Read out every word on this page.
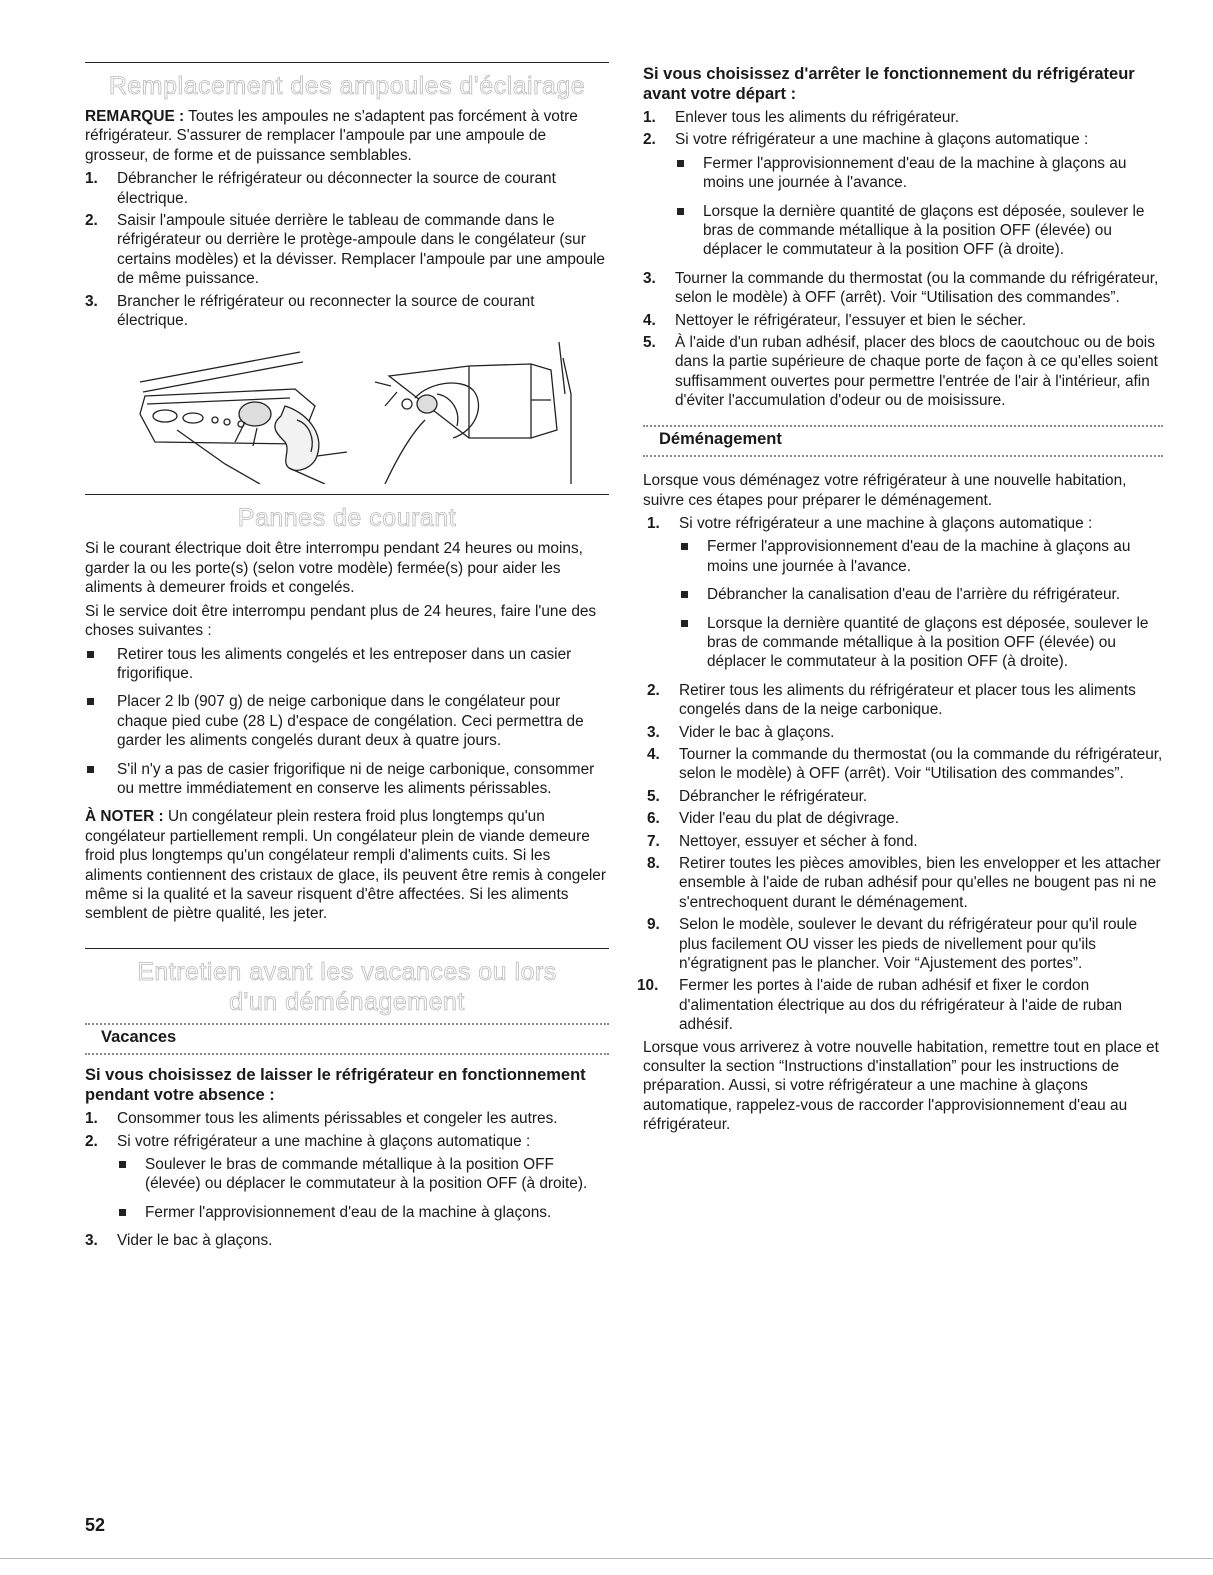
Remplacement des ampoules d'éclairage

REMARQUE : Toutes les ampoules ne s'adaptent pas forcément à votre réfrigérateur. S'assurer de remplacer l'ampoule par une ampoule de grosseur, de forme et de puissance semblables.

1.	Débrancher le réfrigérateur ou déconnecter la source de courant électrique.
2.	Saisir l'ampoule située derrière le tableau de commande dans le réfrigérateur ou derrière le protège-ampoule dans le congélateur (sur certains modèles) et la dévisser. Remplacer l'ampoule par une ampoule de même puissance.
3.	Brancher le réfrigérateur ou reconnecter la source de courant électrique.
Pannes de courant

Si le courant électrique doit être interrompu pendant 24 heures ou moins, garder la ou les porte(s) (selon votre modèle) fermée(s) pour aider les aliments à demeurer froids et congelés.

Si le service doit être interrompu pendant plus de 24 heures, faire l'une des choses suivantes :

Retirer tous les aliments congelés et les entreposer dans un casier frigorifique.
Placer 2 lb (907 g) de neige carbonique dans le congélateur pour chaque pied cube (28 L) d'espace de congélation. Ceci permettra de garder les aliments congelés durant deux à quatre jours.
S'il n'y a pas de casier frigorifique ni de neige carbonique, consommer ou mettre immédiatement en conserve les aliments périssables.

À NOTER : Un congélateur plein restera froid plus longtemps qu'un congélateur partiellement rempli. Un congélateur plein de viande demeure froid plus longtemps qu'un congélateur rempli d'aliments cuits. Si les aliments contiennent des cristaux de glace, ils peuvent être remis à congeler même si la qualité et la saveur risquent d'être affectées. Si les aliments semblent de piètre qualité, les jeter.

Entretien avant les vacances ou lors d'un déménagement
Vacances
Si vous choisissez de laisser le réfrigérateur en fonctionnement pendant votre absence :
1.	Consommer tous les aliments périssables et congeler les autres.
2.	Si votre réfrigérateur a une machine à glaçons automatique :
Soulever le bras de commande métallique à la position OFF (élevée) ou déplacer le commutateur à la position OFF (à droite).
Fermer l'approvisionnement d'eau de la machine à glaçons.
3.	Vider le bac à glaçons.
Si vous choisissez d'arrêter le fonctionnement du réfrigérateur avant votre départ :
1.	Enlever tous les aliments du réfrigérateur.
2.	Si votre réfrigérateur a une machine à glaçons automatique :
Fermer l'approvisionnement d'eau de la machine à glaçons au moins une journée à l'avance.
Lorsque la dernière quantité de glaçons est déposée, soulever le bras de commande métallique à la position OFF (élevée) ou déplacer le commutateur à la position OFF (à droite).
3.	Tourner la commande du thermostat (ou la commande du réfrigérateur, selon le modèle) à OFF (arrêt). Voir “Utilisation des commandes”.
4.	Nettoyer le réfrigérateur, l'essuyer et bien le sécher.
5.	À l'aide d'un ruban adhésif, placer des blocs de caoutchouc ou de bois dans la partie supérieure de chaque porte de façon à ce qu'elles soient suffisamment ouvertes pour permettre l'entrée de l'air à l'intérieur, afin d'éviter l'accumulation d'odeur ou de moisissure.
Déménagement

Lorsque vous déménagez votre réfrigérateur à une nouvelle habitation, suivre ces étapes pour préparer le déménagement.

1.	Si votre réfrigérateur a une machine à glaçons automatique :
Fermer l'approvisionnement d'eau de la machine à glaçons au moins une journée à l'avance.
Débrancher la canalisation d'eau de l'arrière du réfrigérateur.
Lorsque la dernière quantité de glaçons est déposée, soulever le bras de commande métallique à la position OFF (élevée) ou déplacer le commutateur à la position OFF (à droite).
2.	Retirer tous les aliments du réfrigérateur et placer tous les aliments congelés dans de la neige carbonique.
3.	Vider le bac à glaçons.
4.	Tourner la commande du thermostat (ou la commande du réfrigérateur, selon le modèle) à OFF (arrêt). Voir “Utilisation des commandes”.
5.	Débrancher le réfrigérateur.
6.	Vider l'eau du plat de dégivrage.
7.	Nettoyer, essuyer et sécher à fond.
8.	Retirer toutes les pièces amovibles, bien les envelopper et les attacher ensemble à l'aide de ruban adhésif pour qu'elles ne bougent pas ni ne s'entrechoquent durant le déménagement.
9.	Selon le modèle, soulever le devant du réfrigérateur pour qu'il roule plus facilement OU visser les pieds de nivellement pour qu'ils n'égratignent pas le plancher. Voir “Ajustement des portes”.
10. Fermer les portes à l'aide de ruban adhésif et fixer le cordon d'alimentation électrique au dos du réfrigérateur à l'aide de ruban adhésif.

Lorsque vous arriverez à votre nouvelle habitation, remettre tout en place et consulter la section “Instructions d'installation” pour les instructions de préparation. Aussi, si votre réfrigérateur a une machine à glaçons automatique, rappelez-vous de raccorder l'approvisionnement d'eau au réfrigérateur.

52
